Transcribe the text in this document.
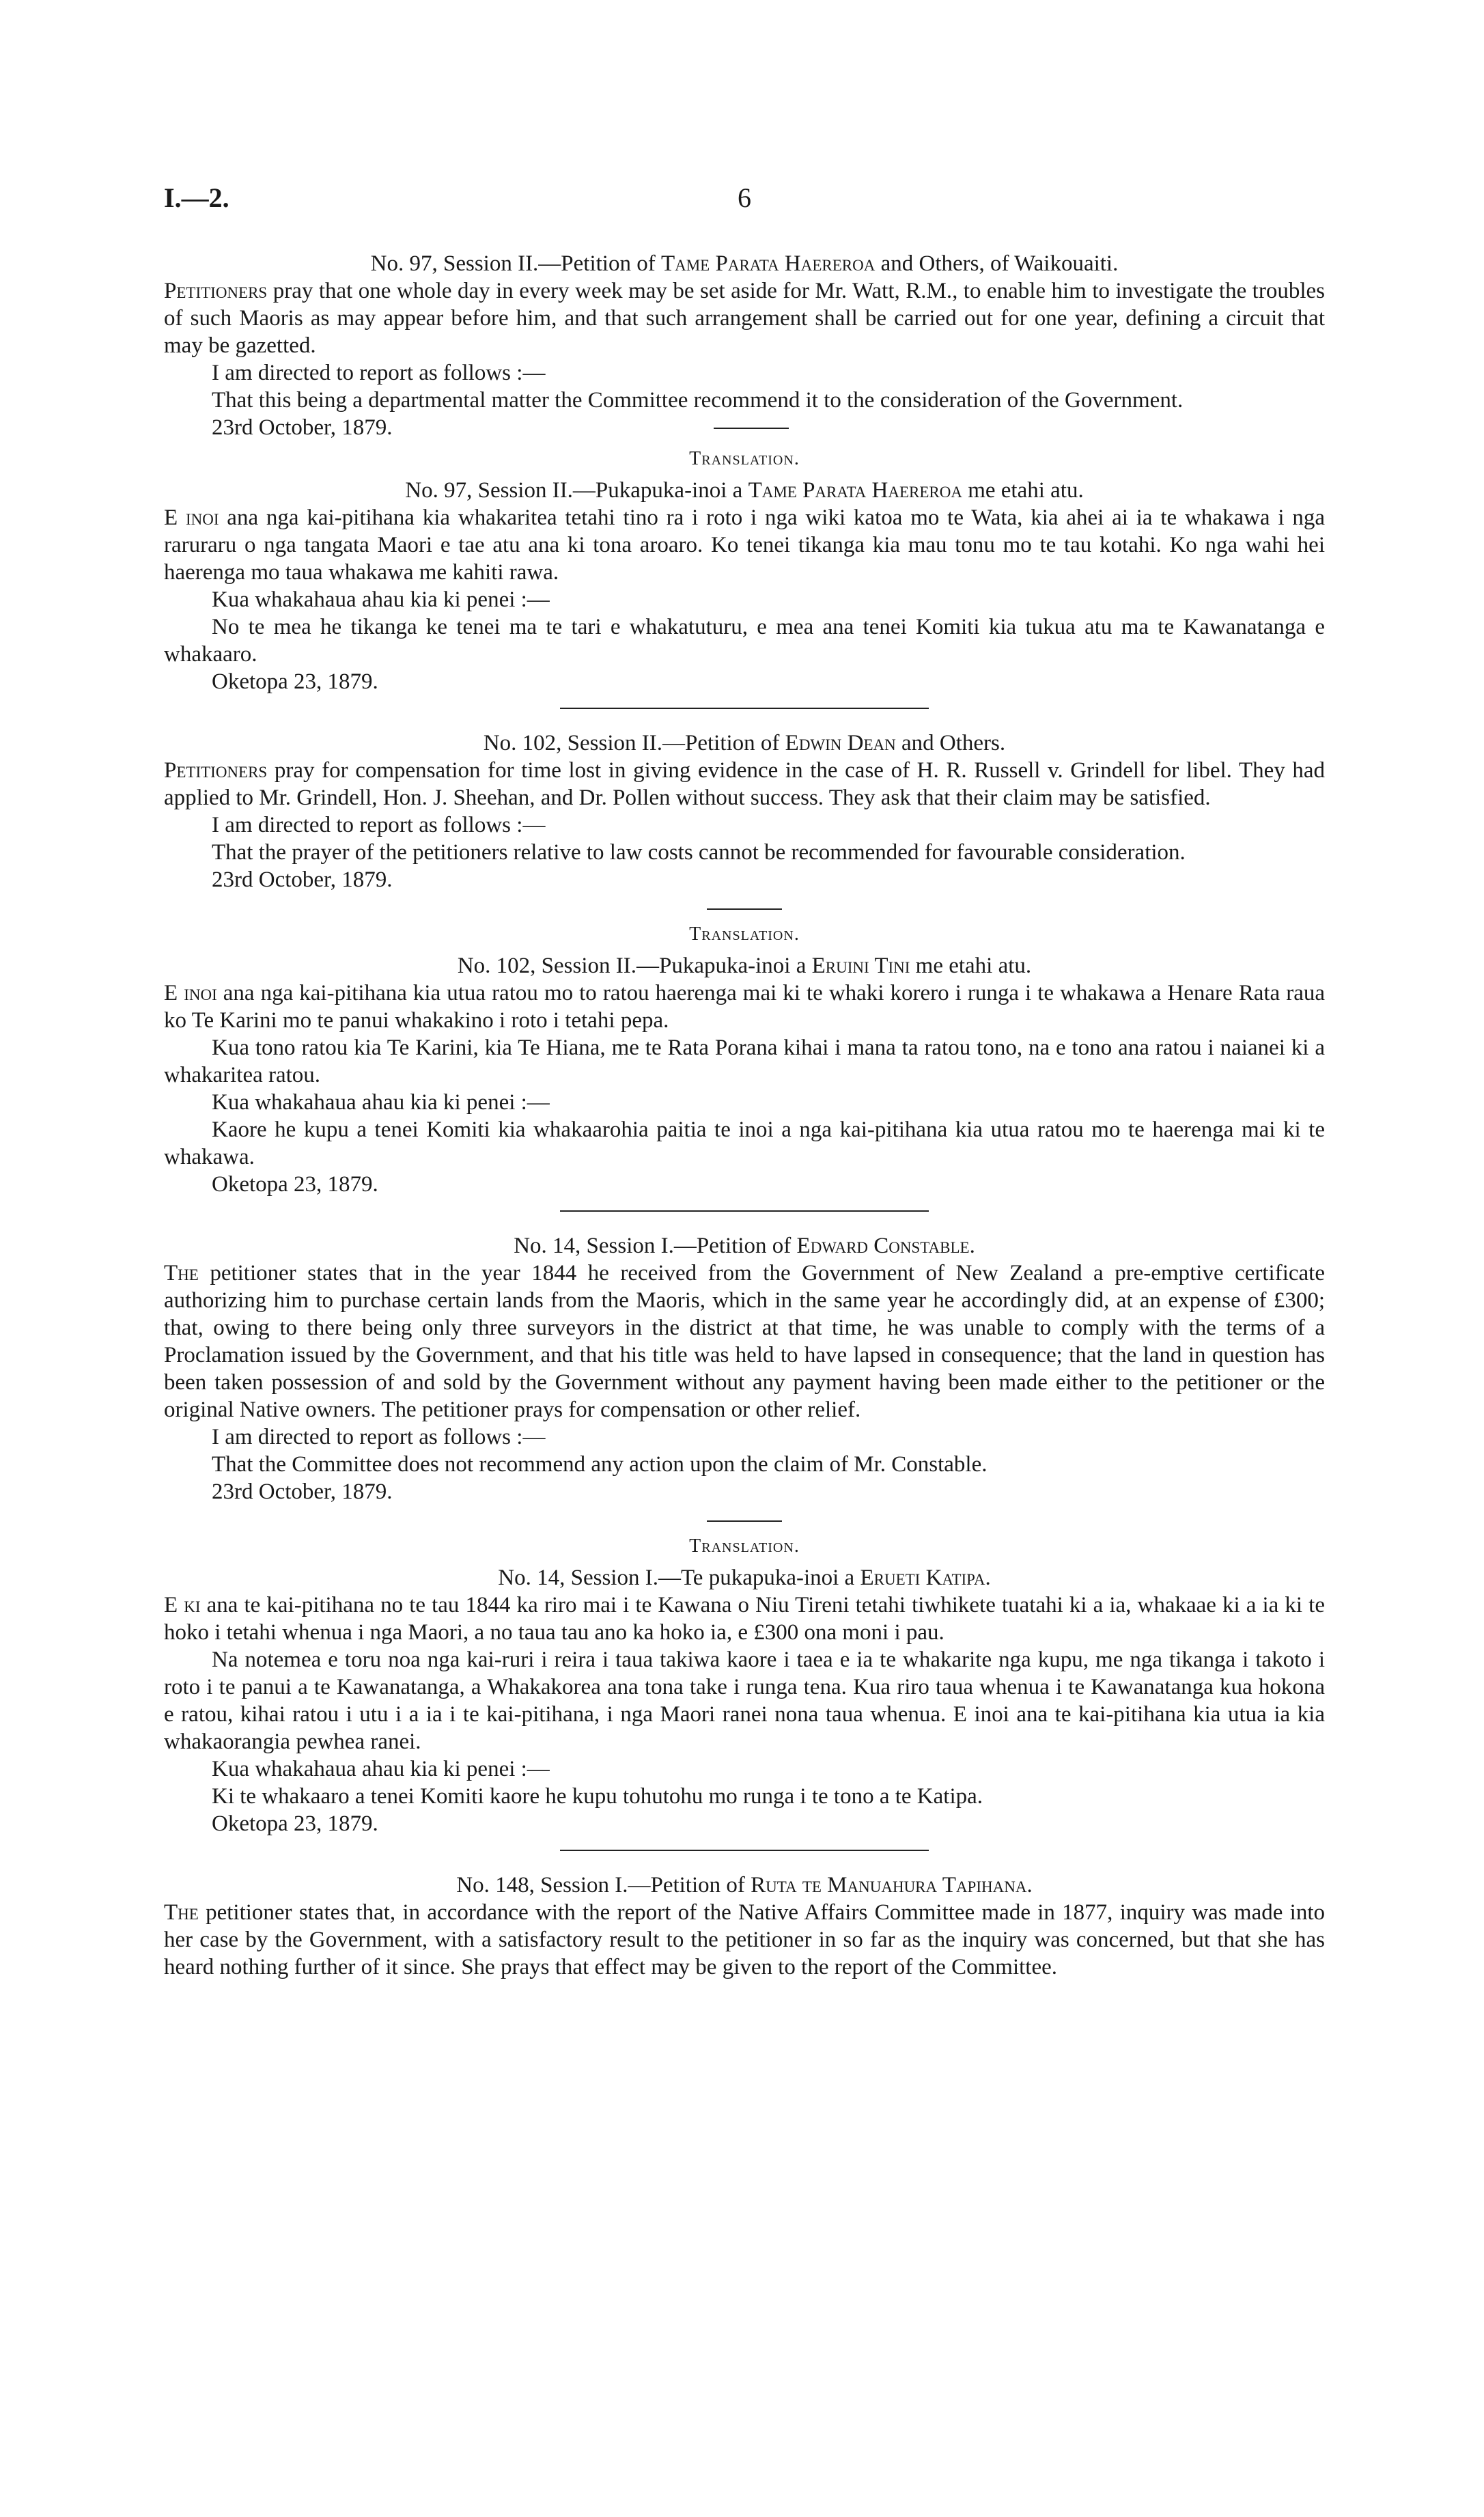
I.—2.	6

No. 97, Session II.—Petition of Tame Parata Haereroa and Others, of Waikouaiti.

Petitioners pray that one whole day in every week may be set aside for Mr. Watt, R.M., to enable him to investigate the troubles of such Maoris as may appear before him, and that such arrangement shall be carried out for one year, defining a circuit that may be gazetted.

I am directed to report as follows :—

That this being a departmental matter the Committee recommend it to the consideration of the Government.

23rd October, 1879.

Translation.

No. 97, Session II.—Pukapuka-inoi a Tame Parata Haereroa me etahi atu.

E inoi ana nga kai-pitihana kia whakaritea tetahi tino ra i roto i nga wiki katoa mo te Wata, kia ahei ai ia te whakawa i nga raruraru o nga tangata Maori e tae atu ana ki tona aroaro. Ko tenei tikanga kia mau tonu mo te tau kotahi. Ko nga wahi hei haerenga mo taua whakawa me kahiti rawa.

Kua whakahaua ahau kia ki penei :—

No te mea he tikanga ke tenei ma te tari e whakatuturu, e mea ana tenei Komiti kia tukua atu ma te Kawanatanga e whakaaro.

Oketopa 23, 1879.

No. 102, Session II.—Petition of Edwin Dean and Others.

Petitioners pray for compensation for time lost in giving evidence in the case of H. R. Russell v. Grindell for libel. They had applied to Mr. Grindell, Hon. J. Sheehan, and Dr. Pollen without success. They ask that their claim may be satisfied.

I am directed to report as follows :—

That the prayer of the petitioners relative to law costs cannot be recommended for favourable consideration.

23rd October, 1879.

Translation.

No. 102, Session II.—Pukapuka-inoi a Eruini Tini me etahi atu.

E inoi ana nga kai-pitihana kia utua ratou mo to ratou haerenga mai ki te whaki korero i runga i te whakawa a Henare Rata raua ko Te Karini mo te panui whakakino i roto i tetahi pepa.

Kua tono ratou kia Te Karini, kia Te Hiana, me te Rata Porana kihai i mana ta ratou tono, na e tono ana ratou i naianei ki a whakaritea ratou.

Kua whakahaua ahau kia ki penei :—

Kaore he kupu a tenei Komiti kia whakaarohia paitia te inoi a nga kai-pitihana kia utua ratou mo te haerenga mai ki te whakawa.

Oketopa 23, 1879.

No. 14, Session I.—Petition of Edward Constable.

The petitioner states that in the year 1844 he received from the Government of New Zealand a pre-emptive certificate authorizing him to purchase certain lands from the Maoris, which in the same year he accordingly did, at an expense of £300; that, owing to there being only three surveyors in the district at that time, he was unable to comply with the terms of a Proclamation issued by the Government, and that his title was held to have lapsed in consequence; that the land in question has been taken possession of and sold by the Government without any payment having been made either to the petitioner or the original Native owners. The petitioner prays for compensation or other relief.

I am directed to report as follows :—

That the Committee does not recommend any action upon the claim of Mr. Constable.

23rd October, 1879.

Translation.

No. 14, Session I.—Te pukapuka-inoi a Erueti Katipa.

E ki ana te kai-pitihana no te tau 1844 ka riro mai i te Kawana o Niu Tireni tetahi tiwhikete tuatahi ki a ia, whakaae ki a ia ki te hoko i tetahi whenua i nga Maori, a no taua tau ano ka hoko ia, e £300 ona moni i pau.

Na notemea e toru noa nga kai-ruri i reira i taua takiwa kaore i taea e ia te whakarite nga kupu, me nga tikanga i takoto i roto i te panui a te Kawanatanga, a Whakakorea ana tona take i runga tena. Kua riro taua whenua i te Kawanatanga kua hokona e ratou, kihai ratou i utu i a ia i te kai-pitihana, i nga Maori ranei nona taua whenua. E inoi ana te kai-pitihana kia utua ia kia whakaorangia pewhea ranei.

Kua whakahaua ahau kia ki penei :—

Ki te whakaaro a tenei Komiti kaore he kupu tohutohu mo runga i te tono a te Katipa.

Oketopa 23, 1879.

No. 148, Session I.—Petition of Ruta te Manuahura Tapihana.

The petitioner states that, in accordance with the report of the Native Affairs Committee made in 1877, inquiry was made into her case by the Government, with a satisfactory result to the petitioner in so far as the inquiry was concerned, but that she has heard nothing further of it since. She prays that effect may be given to the report of the Committee.
